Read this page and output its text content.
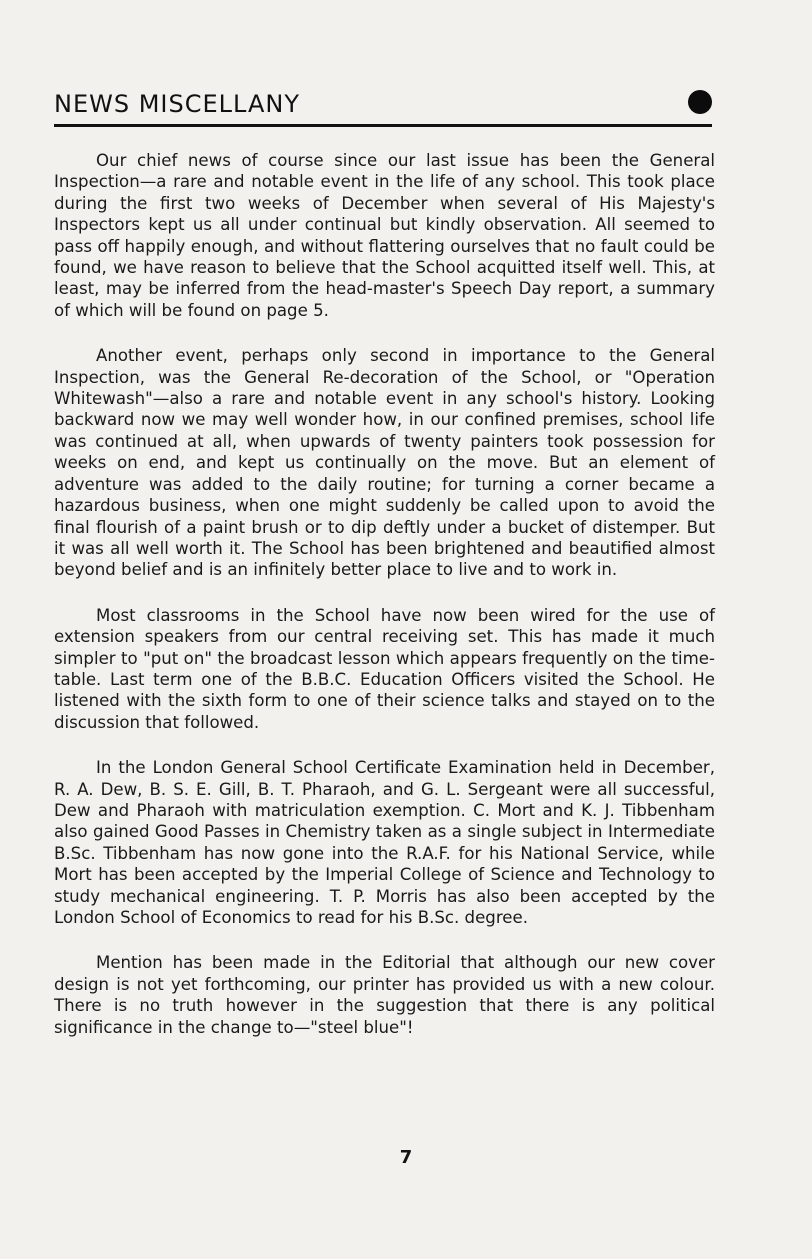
NEWS MISCELLANY

Our chief news of course since our last issue has been the General Inspection—a rare and notable event in the life of any school. This took place during the first two weeks of December when several of His Majesty's Inspectors kept us all under continual but kindly observation. All seemed to pass off happily enough, and without flattering ourselves that no fault could be found, we have reason to believe that the School acquitted itself well. This, at least, may be inferred from the head-master's Speech Day report, a summary of which will be found on page 5.

Another event, perhaps only second in importance to the General Inspection, was the General Re-decoration of the School, or "Operation Whitewash"—also a rare and notable event in any school's history. Looking backward now we may well wonder how, in our confined premises, school life was continued at all, when upwards of twenty painters took possession for weeks on end, and kept us continually on the move. But an element of adventure was added to the daily routine; for turning a corner became a hazardous business, when one might suddenly be called upon to avoid the final flourish of a paint brush or to dip deftly under a bucket of distemper. But it was all well worth it. The School has been brightened and beautified almost beyond belief and is an infinitely better place to live and to work in.

Most classrooms in the School have now been wired for the use of extension speakers from our central receiving set. This has made it much simpler to "put on" the broadcast lesson which appears frequently on the time-table. Last term one of the B.B.C. Education Officers visited the School. He listened with the sixth form to one of their science talks and stayed on to the discussion that followed.

In the London General School Certificate Examination held in December, R. A. Dew, B. S. E. Gill, B. T. Pharaoh, and G. L. Sergeant were all successful, Dew and Pharaoh with matriculation exemption. C. Mort and K. J. Tibbenham also gained Good Passes in Chemistry taken as a single subject in Intermediate B.Sc. Tibbenham has now gone into the R.A.F. for his National Service, while Mort has been accepted by the Imperial College of Science and Technology to study mechanical engineering. T. P. Morris has also been accepted by the London School of Economics to read for his B.Sc. degree.

Mention has been made in the Editorial that although our new cover design is not yet forthcoming, our printer has provided us with a new colour. There is no truth however in the suggestion that there is any political significance in the change to—"steel blue"!

7
